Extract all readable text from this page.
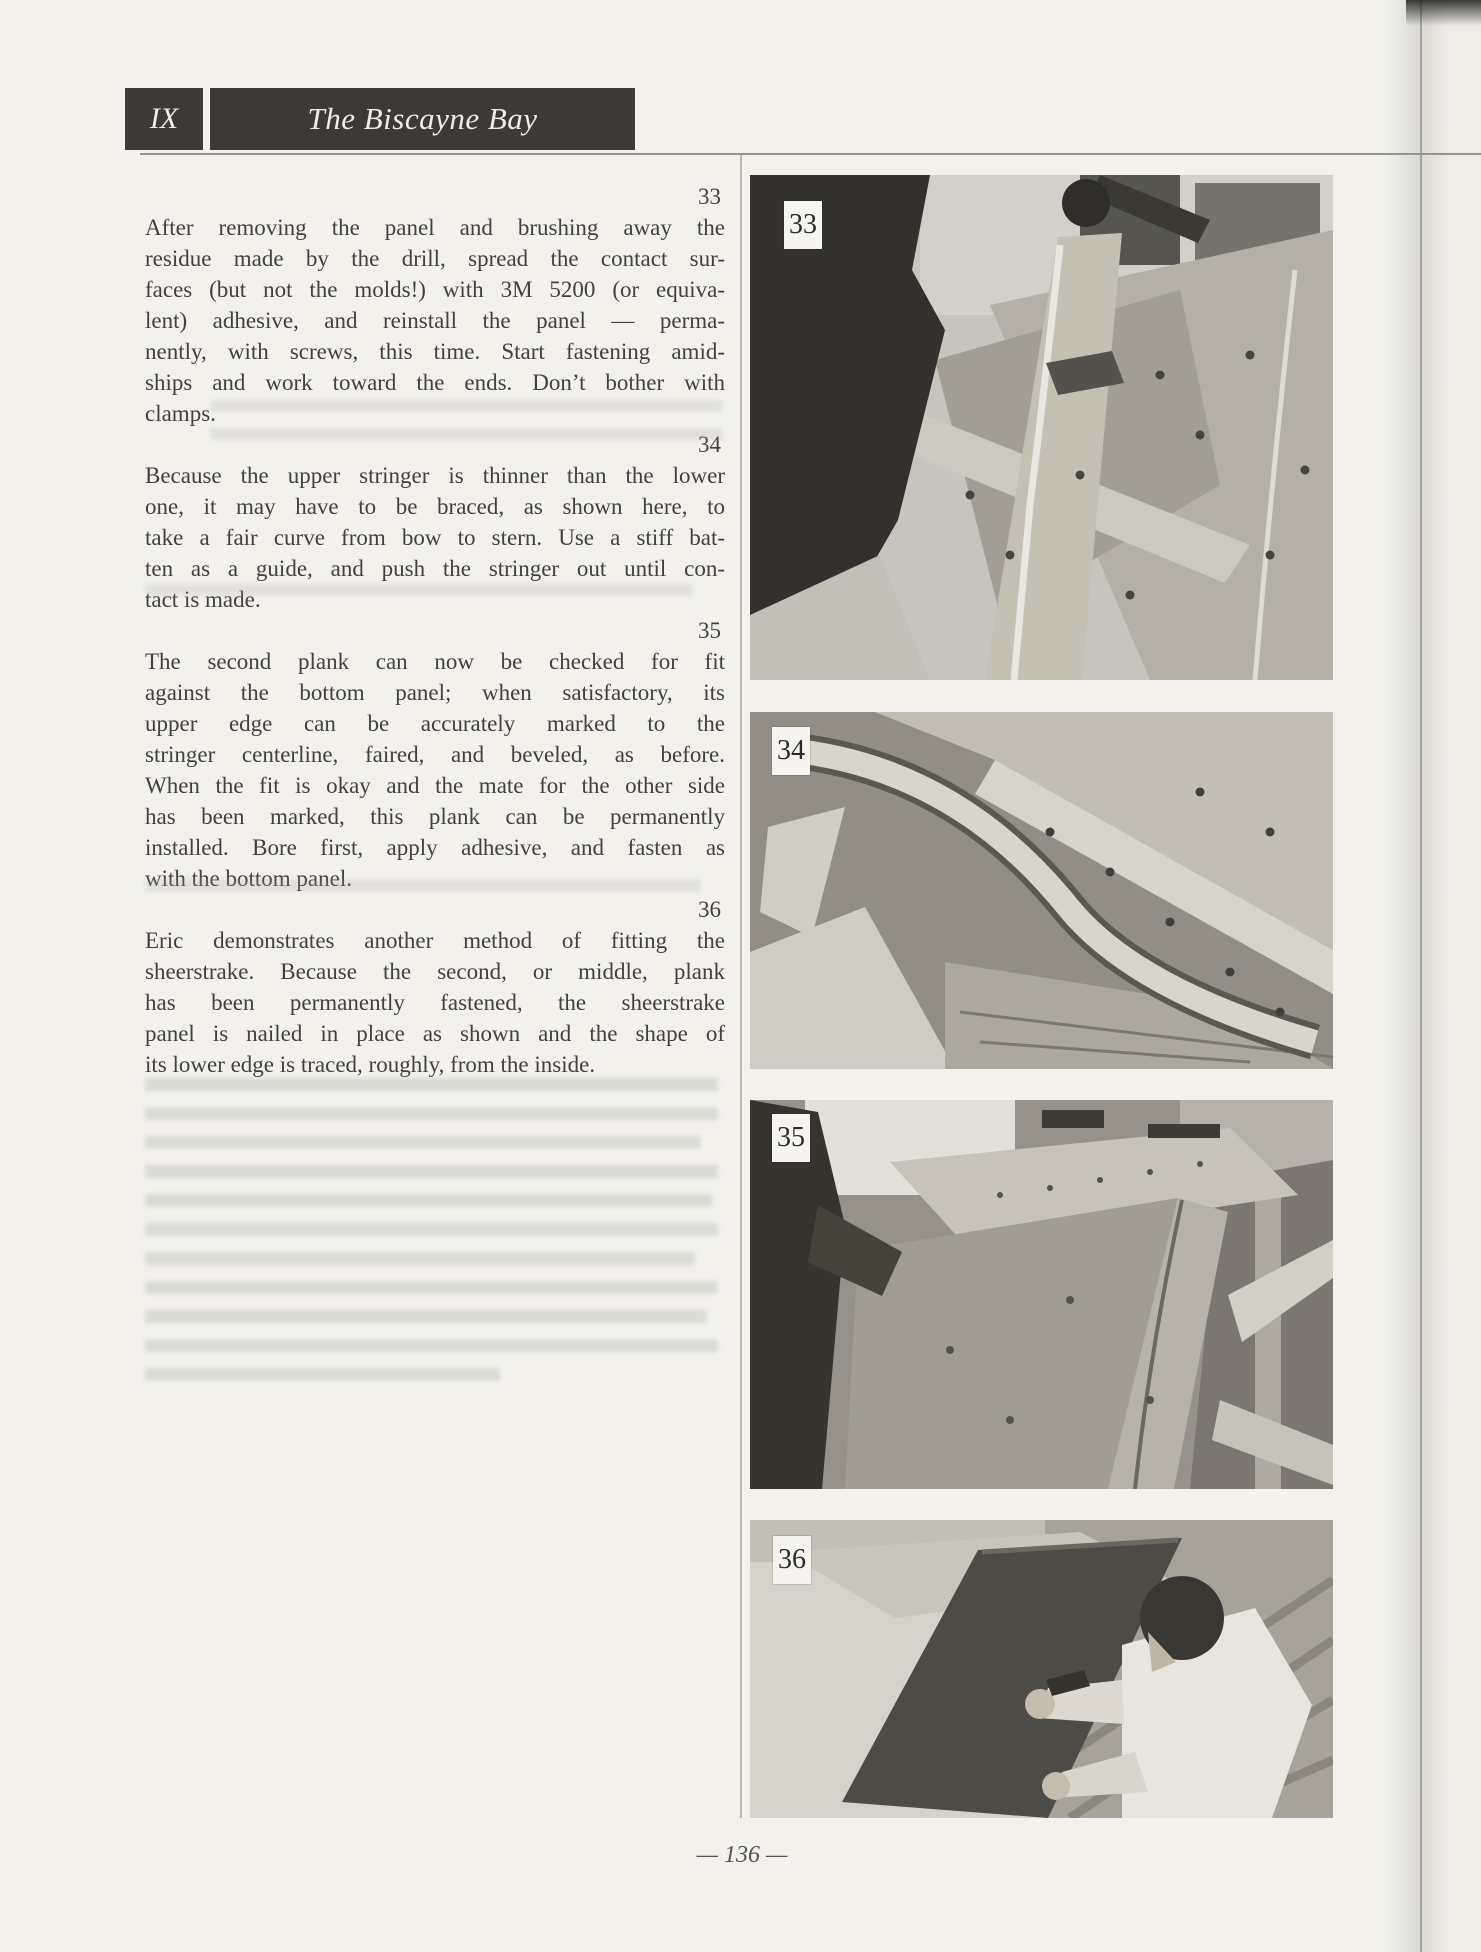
IX	The Biscayne Bay
33
After removing the panel and brushing away the
residue made by the drill, spread the contact sur-
faces (but not the molds!) with 3M 5200 (or equiva-
lent) adhesive, and reinstall the panel — perma-
nently, with screws, this time. Start fastening amid-
ships and work toward the ends. Don’t bother with
clamps.
34
Because the upper stringer is thinner than the lower
one, it may have to be braced, as shown here, to
take a fair curve from bow to stern. Use a stiff bat-
ten as a guide, and push the stringer out until con-
tact is made.
35
The second plank can now be checked for fit
against the bottom panel; when satisfactory, its
upper edge can be accurately marked to the
stringer centerline, faired, and beveled, as before.
When the fit is okay and the mate for the other side
has been marked, this plank can be permanently
installed. Bore first, apply adhesive, and fasten as
with the bottom panel.
36
Eric demonstrates another method of fitting the
sheerstrake. Because the second, or middle, plank
has been permanently fastened, the sheerstrake
panel is nailed in place as shown and the shape of
its lower edge is traced, roughly, from the inside.
33
34
35
36
— 136 —
